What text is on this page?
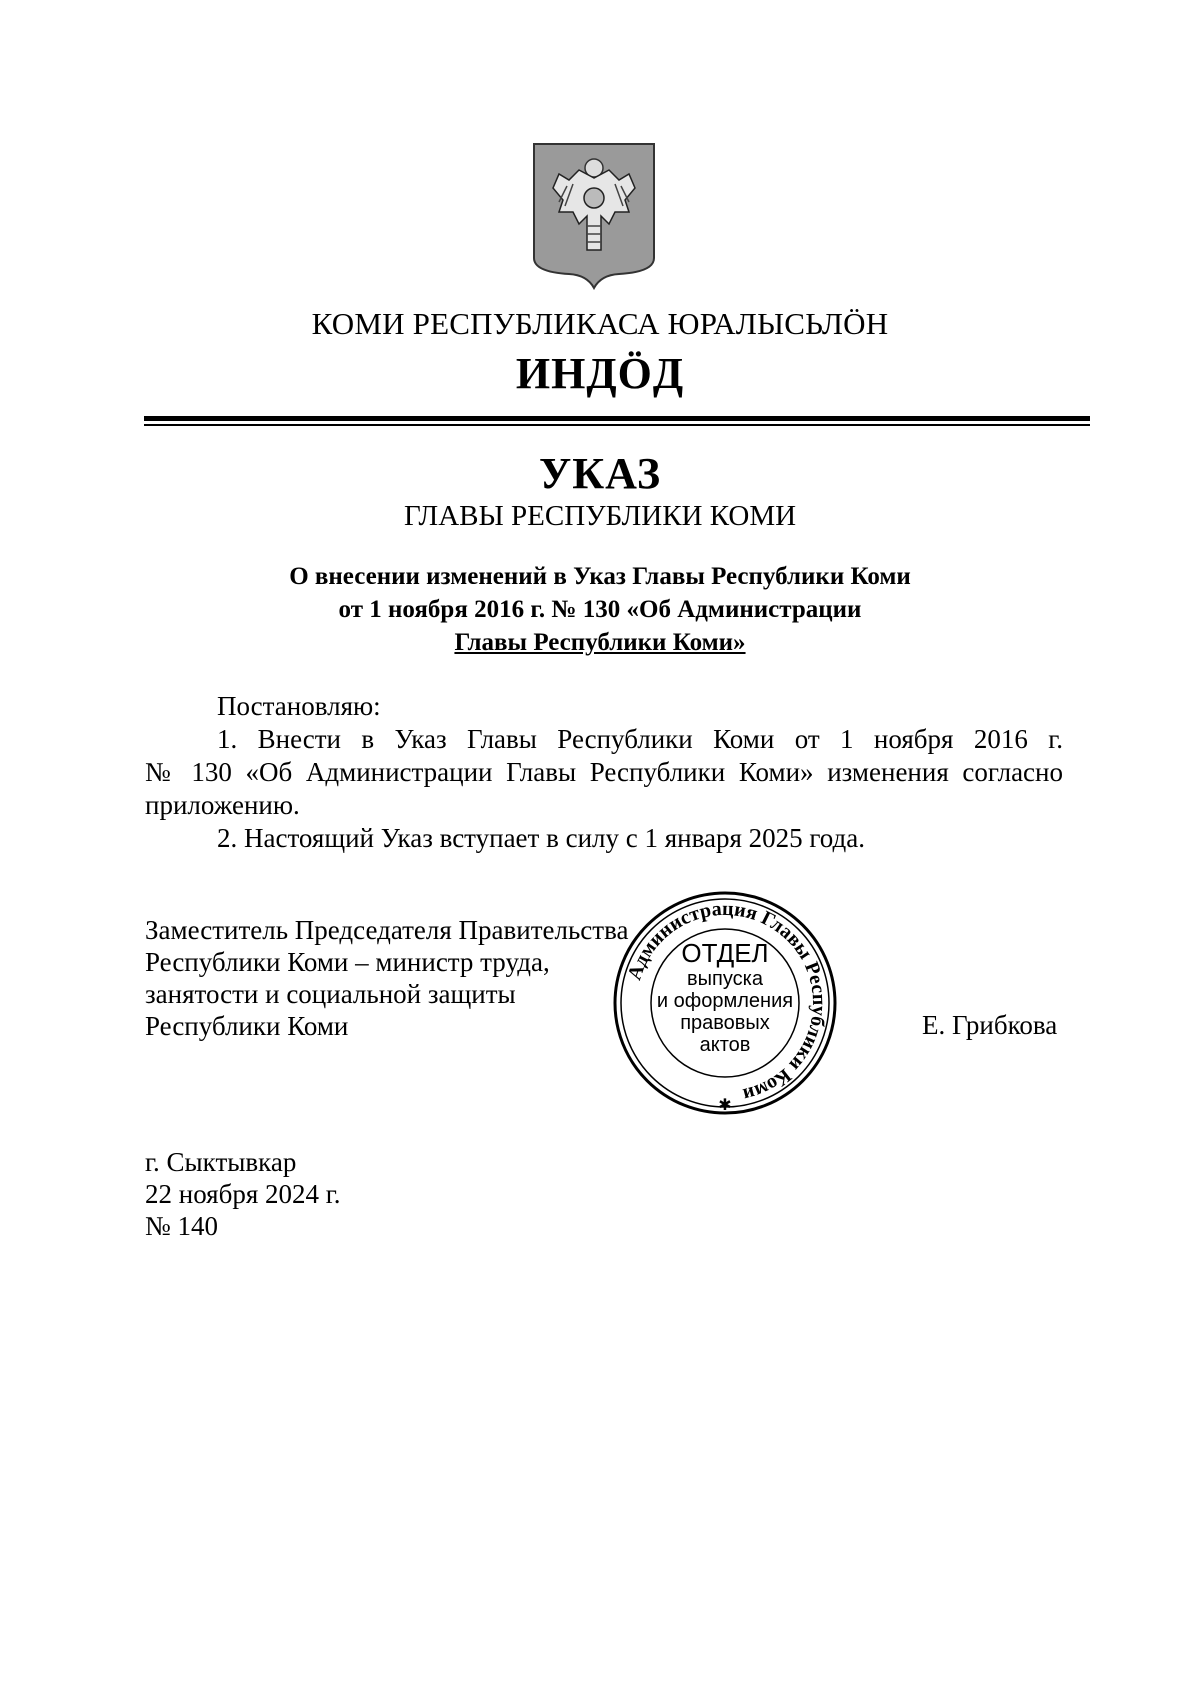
КОМИ РЕСПУБЛИКАСА ЮРАЛЫСЬЛӦН
ИНДӦД
УКАЗ
ГЛАВЫ РЕСПУБЛИКИ КОМИ
О внесении изменений в Указ Главы Республики Коми
от 1 ноября 2016 г. № 130 «Об Администрации
Главы Республики Коми»
Постановляю:
1. Внести в Указ Главы Республики Коми от 1 ноября 2016 г.
№ 130 «Об Администрации Главы Республики Коми» изменения согласно
приложению.
2. Настоящий Указ вступает в силу с 1 января 2025 года.
Администрация Главы Республики Коми
✱
ОТДЕЛ
выпуска
и оформления
правовых
актов
Заместитель Председателя Правительства
Республики Коми – министр труда,
занятости и социальной защиты
Республики Коми	Е. Грибкова
г. Сыктывкар
22 ноября 2024 г.
№ 140
